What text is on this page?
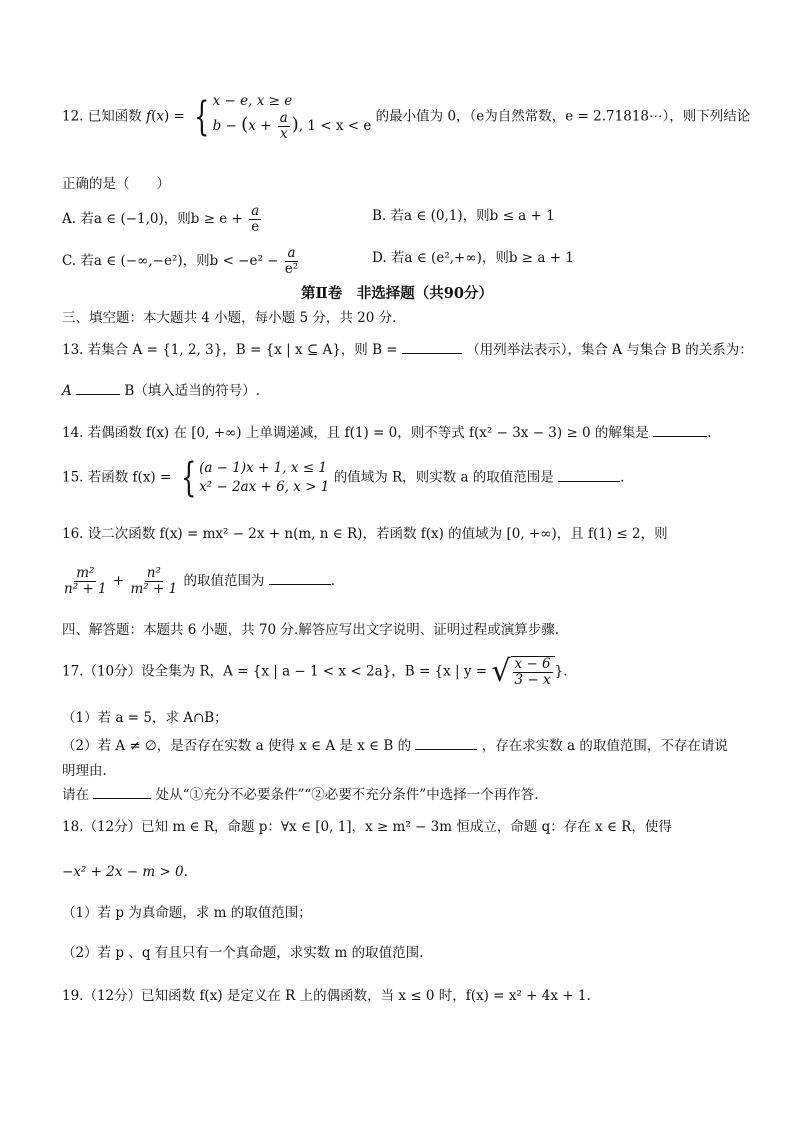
12. 已知函数 f(x) = { x − e, x ≥ e
$b - (x + \frac{a}{x}$ ), 1 < x < e
的最小值为 0，（e为自然常数，e = 2.71818⋯），则下列结论
正确的是（　　）
A. 若a ∈ (−1,0)，则$b \ge e + \frac{a}{e}$	B. 若a ∈ (0,1)，则b ≤ a + 1
C. 若a ∈ (−∞,−e²)，则$b < -e^2 - \frac{a}{\text{e²}}$	D. 若a ∈ (e²,+∞)，则b ≥ a + 1
第Ⅱ卷　非选择题（共90分）
三、填空题：本大题共 4 小题，每小题 5 分，共 20 分.
13. 若集合 A = {1, 2, 3}，B = {x | x ⊆ A}，则 B =	（用列举法表示），集合 A 与集合 B 的关系为：
A	B（填入适当的符号）.
14. 若偶函数 f(x) 在 [0, +∞) 上单调递减，且 f(1) = 0，则不等式 f(x² − 3x − 3) ≥ 0 的解集是	.
15. 若函数 f(x) = { (a − 1)x + 1, x ≤ 1
x² − 2ax + 6, x > 1
的值域为 R，则实数 a 的取值范围是	.
16. 设二次函数 f(x) = mx² − 2x + n(m, n ∈ R)，若函数 f(x) 的值域为 [0, +∞)，且 f(1) ≤ 2，则
$\frac{\text{m²}}{\text{n² + 1}} + \frac{\text{n²}}{\text{m² + 1}}$ 的取值范围为	.
四、解答题：本题共 6 小题，共 70 分.解答应写出文字说明、证明过程或演算步骤.
17.（10分）设全集为 R，A = {x | a − 1 < x < 2a}，B = {x | y = √ $\frac{x - 6}{3 - x}$ }.
（1）若 a = 5，求 A∩B；
（2）若 A ≠ ∅，是否存在实数 a 使得 x ∈ A 是 x ∈ B 的	，存在求实数 a 的取值范围，不存在请说
明理由.
请在	处从“①充分不必要条件”“②必要不充分条件”中选择一个再作答.
18.（12分）已知 m ∈ R，命题 p：∀x ∈ [0, 1]，x ≥ m² − 3m 恒成立，命题 q：存在 x ∈ R，使得
−x² + 2x − m > 0.
（1）若 p 为真命题，求 m 的取值范围；
（2）若 p 、q 有且只有一个真命题，求实数 m 的取值范围.
19.（12分）已知函数 f(x) 是定义在 R 上的偶函数，当 x ≤ 0 时，f(x) = x² + 4x + 1.
